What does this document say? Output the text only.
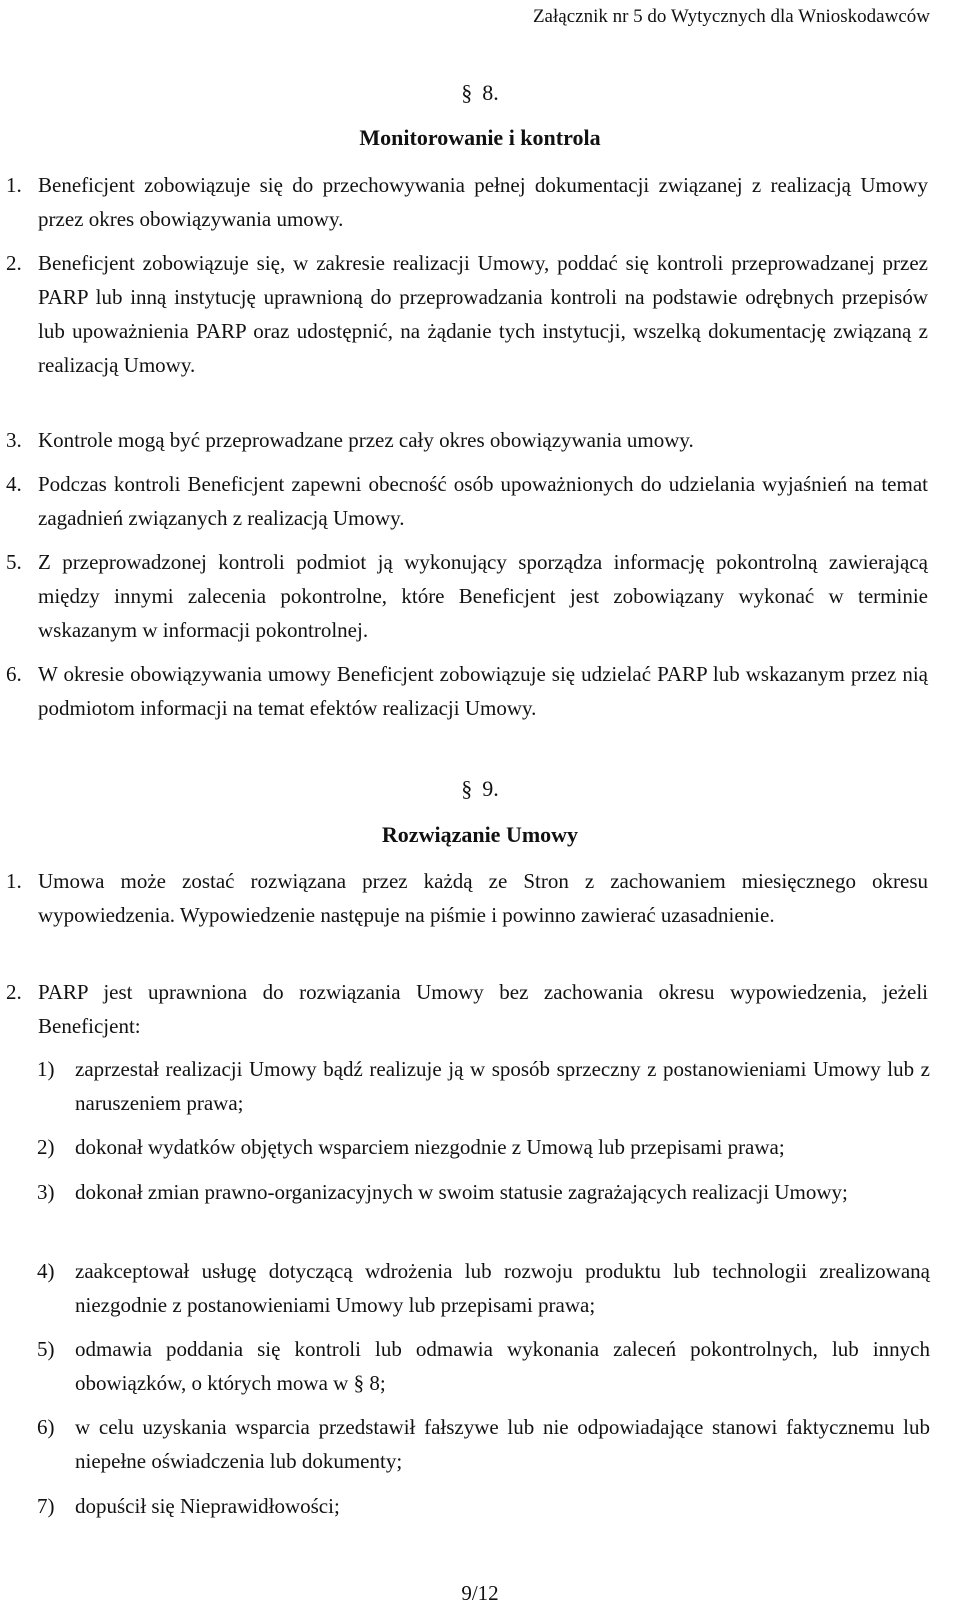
Załącznik nr 5 do Wytycznych dla Wnioskodawców
§ 8.
Monitorowanie i kontrola
1. Beneficjent zobowiązuje się do przechowywania pełnej dokumentacji związanej z realizacją Umowy przez okres obowiązywania umowy.
2. Beneficjent zobowiązuje się, w zakresie realizacji Umowy, poddać się kontroli przeprowadzanej przez PARP lub inną instytucję uprawnioną do przeprowadzania kontroli na podstawie odrębnych przepisów lub upoważnienia PARP oraz udostępnić, na żądanie tych instytucji, wszelką dokumentację związaną z realizacją Umowy.
3. Kontrole mogą być przeprowadzane przez cały okres obowiązywania umowy.
4. Podczas kontroli Beneficjent zapewni obecność osób upoważnionych do udzielania wyjaśnień na temat zagadnień związanych z realizacją Umowy.
5. Z przeprowadzonej kontroli podmiot ją wykonujący sporządza informację pokontrolną zawierającą między innymi zalecenia pokontrolne, które Beneficjent jest zobowiązany wykonać w terminie wskazanym w informacji pokontrolnej.
6. W okresie obowiązywania umowy Beneficjent zobowiązuje się udzielać PARP lub wskazanym przez nią podmiotom informacji na temat efektów realizacji Umowy.
§ 9.
Rozwiązanie Umowy
1. Umowa może zostać rozwiązana przez każdą ze Stron z zachowaniem miesięcznego okresu wypowiedzenia. Wypowiedzenie następuje na piśmie i powinno zawierać uzasadnienie.
2. PARP jest uprawniona do rozwiązania Umowy bez zachowania okresu wypowiedzenia, jeżeli Beneficjent:
1) zaprzestał realizacji Umowy bądź realizuje ją w sposób sprzeczny z postanowieniami Umowy lub z naruszeniem prawa;
2) dokonał wydatków objętych wsparciem niezgodnie z Umową lub przepisami prawa;
3) dokonał zmian prawno-organizacyjnych w swoim statusie zagrażających realizacji Umowy;
4) zaakceptował usługę dotyczącą wdrożenia lub rozwoju produktu lub technologii zrealizowaną niezgodnie z postanowieniami Umowy lub przepisami prawa;
5) odmawia poddania się kontroli lub odmawia wykonania zaleceń pokontrolnych, lub innych obowiązków, o których mowa w § 8;
6) w celu uzyskania wsparcia przedstawił fałszywe lub nie odpowiadające stanowi faktycznemu lub niepełne oświadczenia lub dokumenty;
7) dopuścił się Nieprawidłowości;
9/12
